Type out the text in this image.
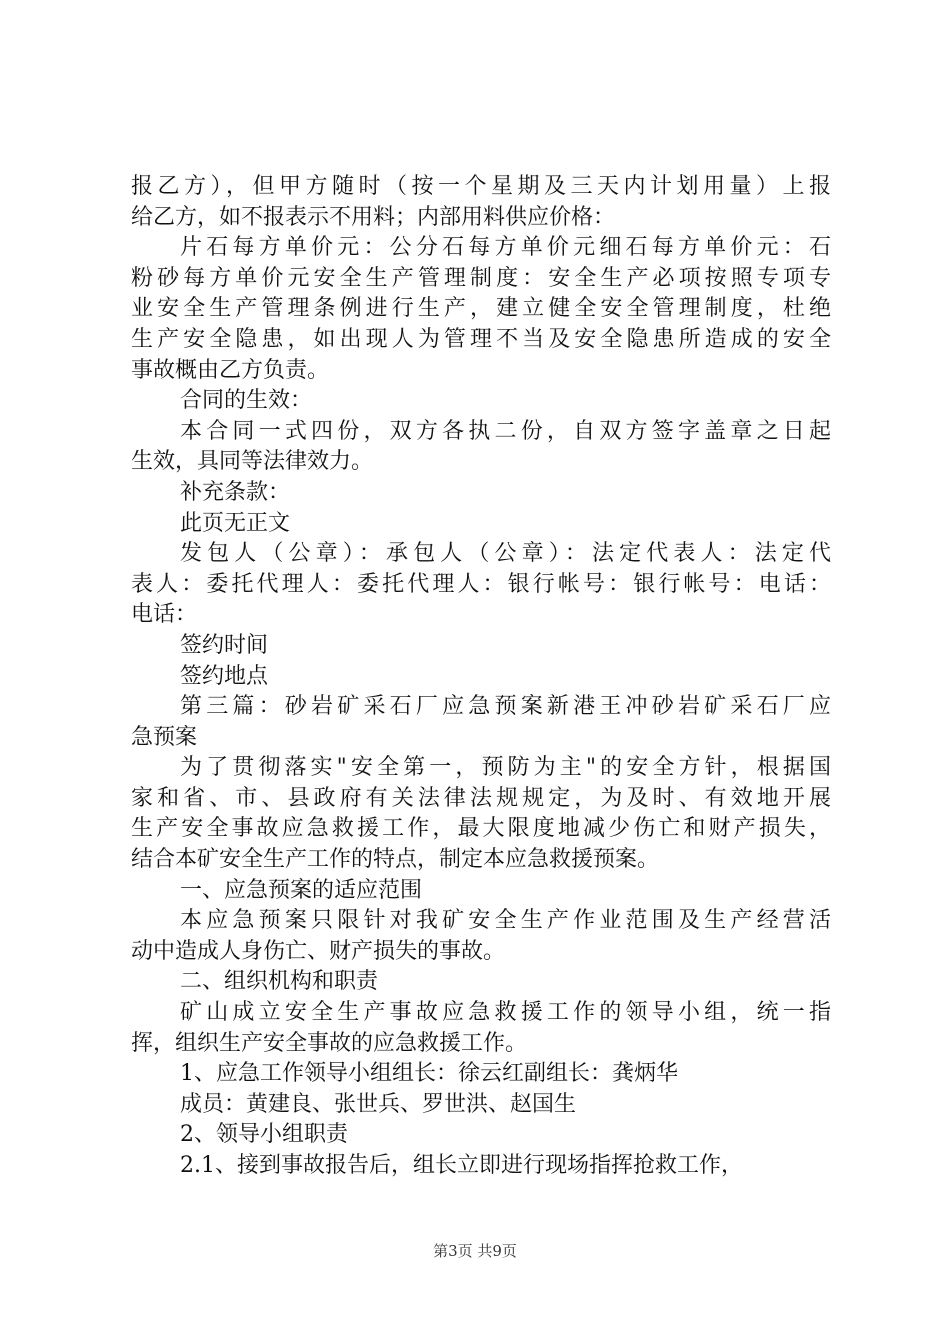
报乙方），但甲方随时（按一个星期及三天内计划用量）上报
给乙方，如不报表示不用料；内部用料供应价格：
片石每方单价元：公分石每方单价元细石每方单价元：石
粉砂每方单价元安全生产管理制度：安全生产必项按照专项专
业安全生产管理条例进行生产，建立健全安全管理制度，杜绝
生产安全隐患，如出现人为管理不当及安全隐患所造成的安全
事故概由乙方负责。
合同的生效：
本合同一式四份，双方各执二份，自双方签字盖章之日起
生效，具同等法律效力。
补充条款：
此页无正文
发包人（公章）：承包人（公章）：法定代表人：法定代
表人：委托代理人：委托代理人：银行帐号：银行帐号：电话：
电话：
签约时间
签约地点
第三篇：砂岩矿采石厂应急预案新港王冲砂岩矿采石厂应
急预案
为了贯彻落实"安全第一，预防为主"的安全方针，根据国
家和省、市、县政府有关法律法规规定，为及时、有效地开展
生产安全事故应急救援工作，最大限度地减少伤亡和财产损失，
结合本矿安全生产工作的特点，制定本应急救援预案。
一、应急预案的适应范围
本应急预案只限针对我矿安全生产作业范围及生产经营活
动中造成人身伤亡、财产损失的事故。
二、组织机构和职责
矿山成立安全生产事故应急救援工作的领导小组，统一指
挥，组织生产安全事故的应急救援工作。
1、应急工作领导小组组长：徐云红副组长：龚炳华
成员：黄建良、张世兵、罗世洪、赵国生
2、领导小组职责
2.1、接到事故报告后，组长立即进行现场指挥抢救工作，
第3页 共9页
